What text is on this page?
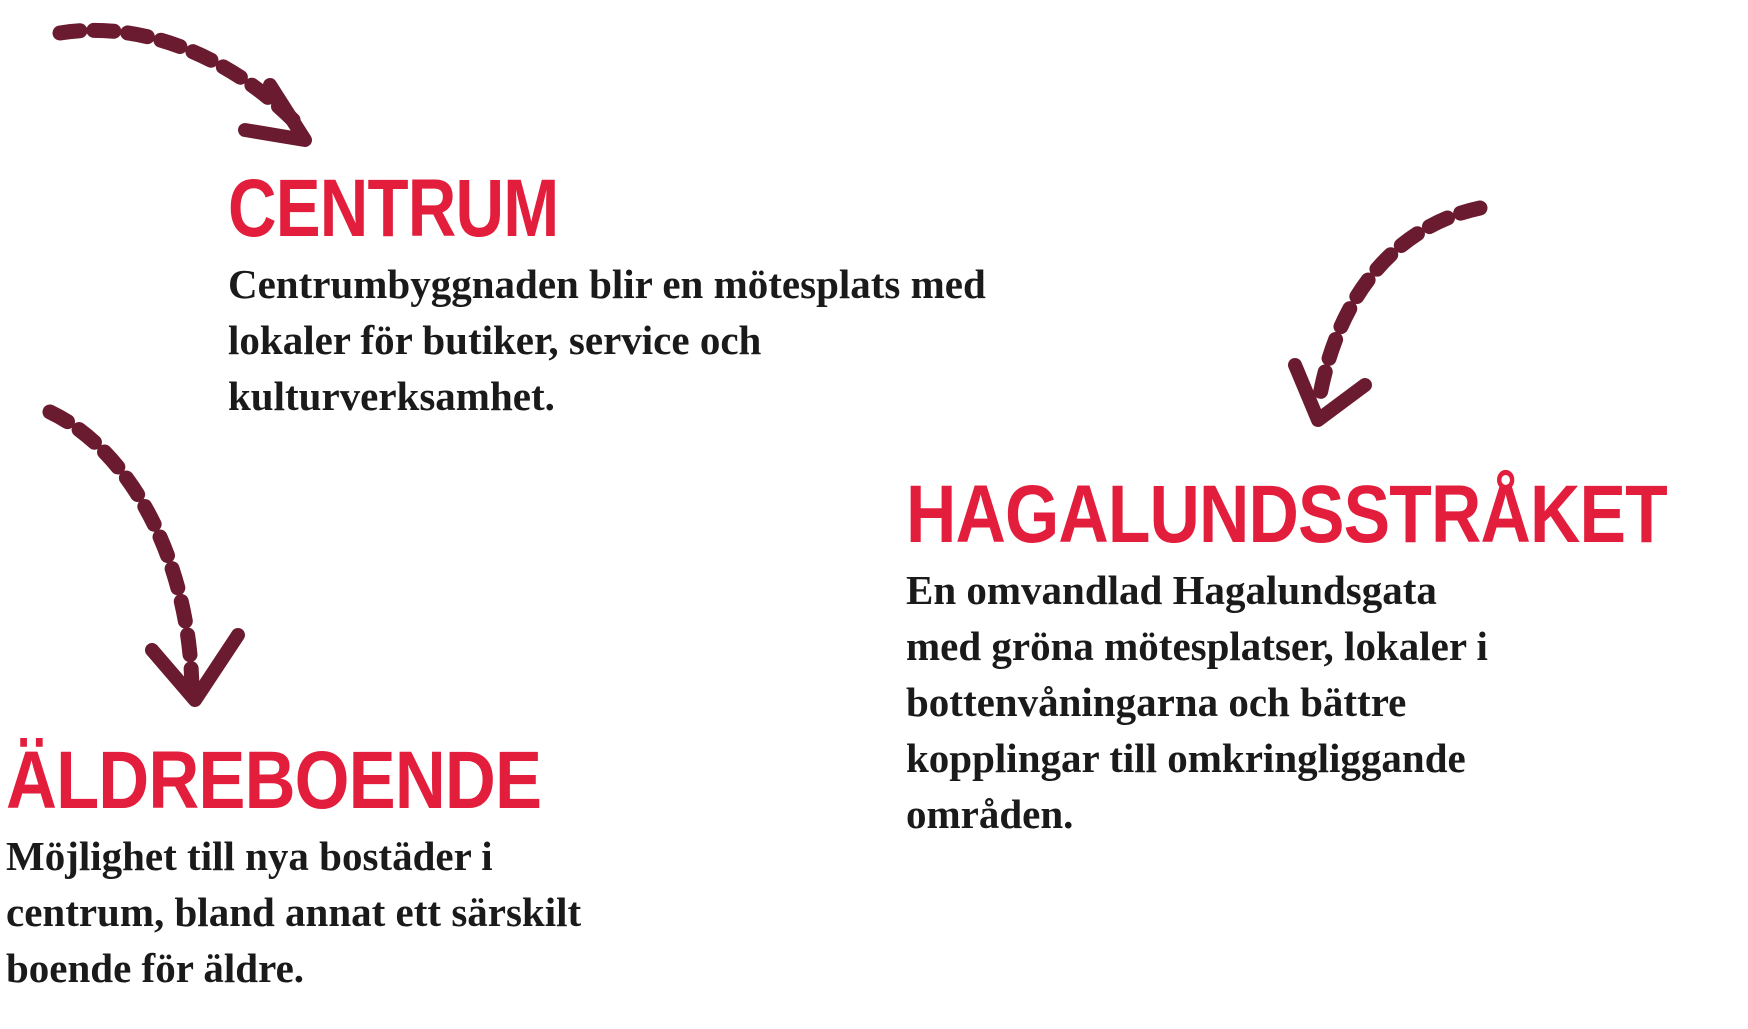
CENTRUM

Centrumbyggnaden blir en mötesplats med
lokaler för butiker, service och
kulturverksamhet.

HAGALUNDSSTRÅKET

En omvandlad Hagalundsgata
med gröna mötesplatser, lokaler i
bottenvåningarna och bättre
kopplingar till omkringliggande
områden.

ÄLDREBOENDE

Möjlighet till nya bostäder i
centrum, bland annat ett särskilt
boende för äldre.
